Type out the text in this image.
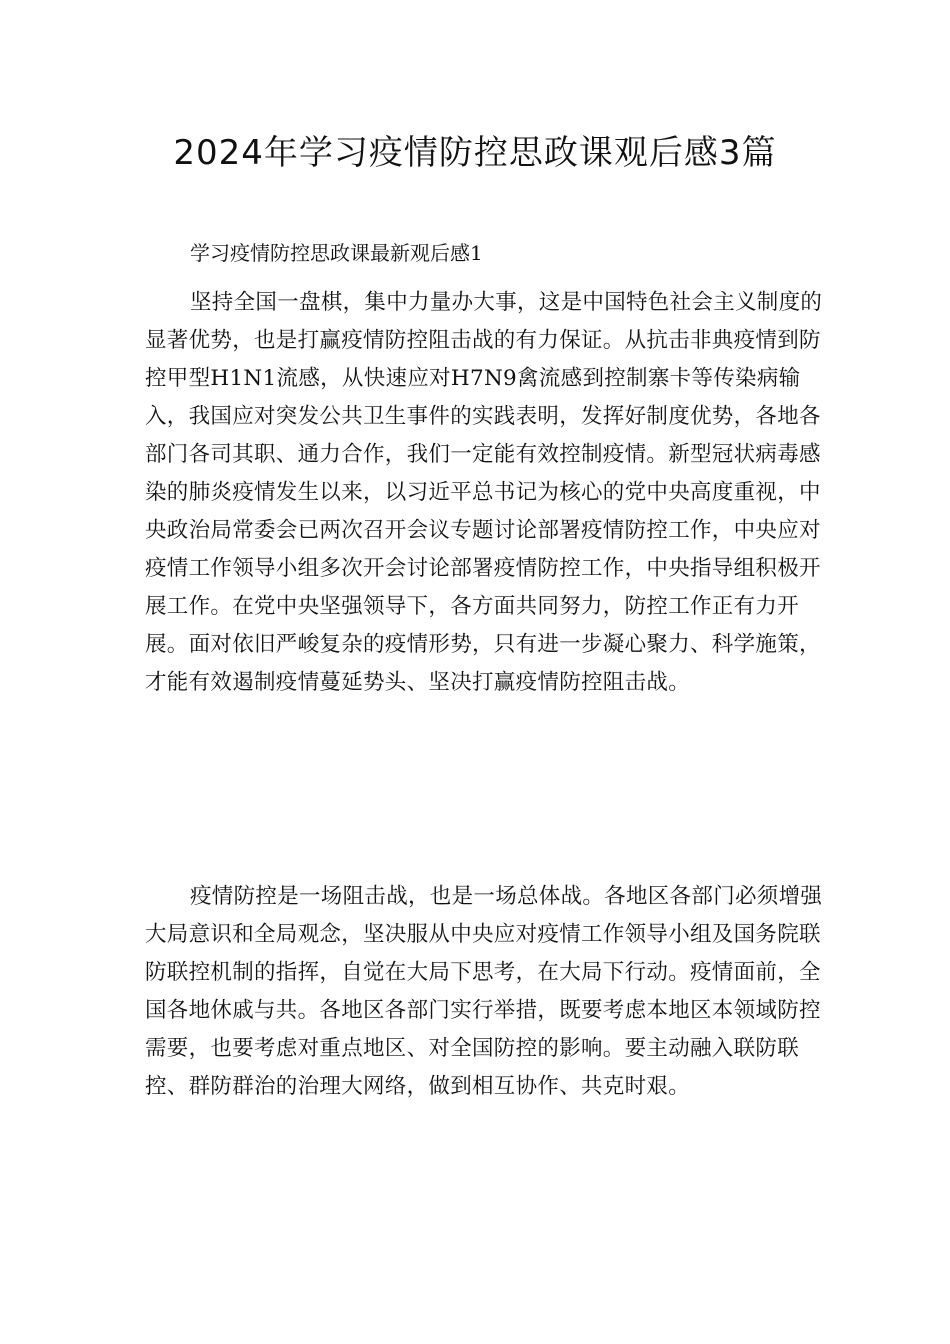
2024年学习疫情防控思政课观后感3篇

学习疫情防控思政课最新观后感1

坚持全国一盘棋，集中力量办大事，这是中国特色社会主义制度的显著优势，也是打赢疫情防控阻击战的有力保证。从抗击非典疫情到防控甲型H1N1流感，从快速应对H7N9禽流感到控制寨卡等传染病输入，我国应对突发公共卫生事件的实践表明，发挥好制度优势，各地各部门各司其职、通力合作，我们一定能有效控制疫情。新型冠状病毒感染的肺炎疫情发生以来，以习近平总书记为核心的党中央高度重视，中央政治局常委会已两次召开会议专题讨论部署疫情防控工作，中央应对疫情工作领导小组多次开会讨论部署疫情防控工作，中央指导组积极开展工作。在党中央坚强领导下，各方面共同努力，防控工作正有力开展。面对依旧严峻复杂的疫情形势，只有进一步凝心聚力、科学施策，才能有效遏制疫情蔓延势头、坚决打赢疫情防控阻击战。

疫情防控是一场阻击战，也是一场总体战。各地区各部门必须增强大局意识和全局观念，坚决服从中央应对疫情工作领导小组及国务院联防联控机制的指挥，自觉在大局下思考，在大局下行动。疫情面前，全国各地休戚与共。各地区各部门实行举措，既要考虑本地区本领域防控需要，也要考虑对重点地区、对全国防控的影响。要主动融入联防联控、群防群治的治理大网络，做到相互协作、共克时艰。
